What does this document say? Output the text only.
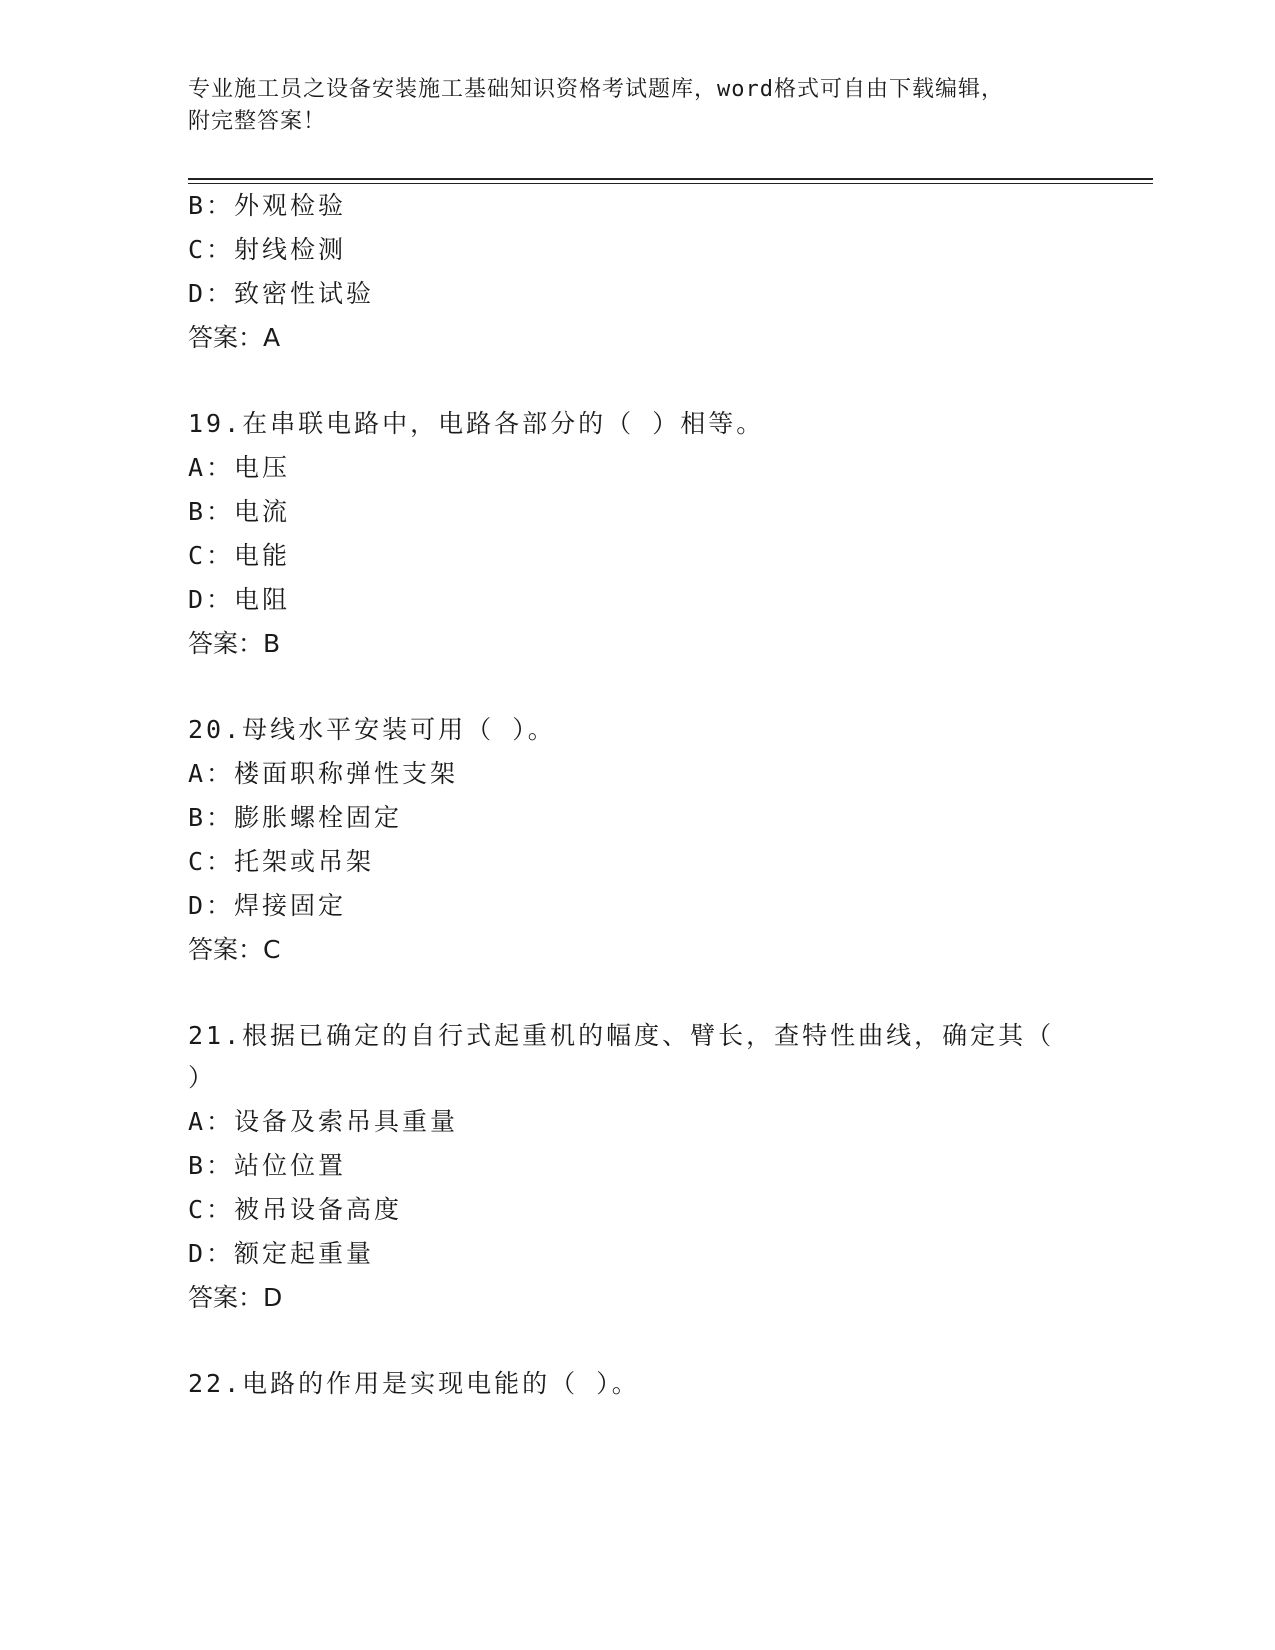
专业施工员之设备安装施工基础知识资格考试题库，word格式可自由下载编辑，
附完整答案！
B：外观检验
C：射线检测
D：致密性试验
答案：A
19.在串联电路中，电路各部分的（ ）相等。
A：电压
B：电流
C：电能
D：电阻
答案：B
20.母线水平安装可用（ ）。
A：楼面职称弹性支架
B：膨胀螺栓固定
C：托架或吊架
D：焊接固定
答案：C
21.根据已确定的自行式起重机的幅度、臂长，查特性曲线，确定其（
）
A：设备及索吊具重量
B：站位位置
C：被吊设备高度
D：额定起重量
答案：D
22.电路的作用是实现电能的（ ）。
